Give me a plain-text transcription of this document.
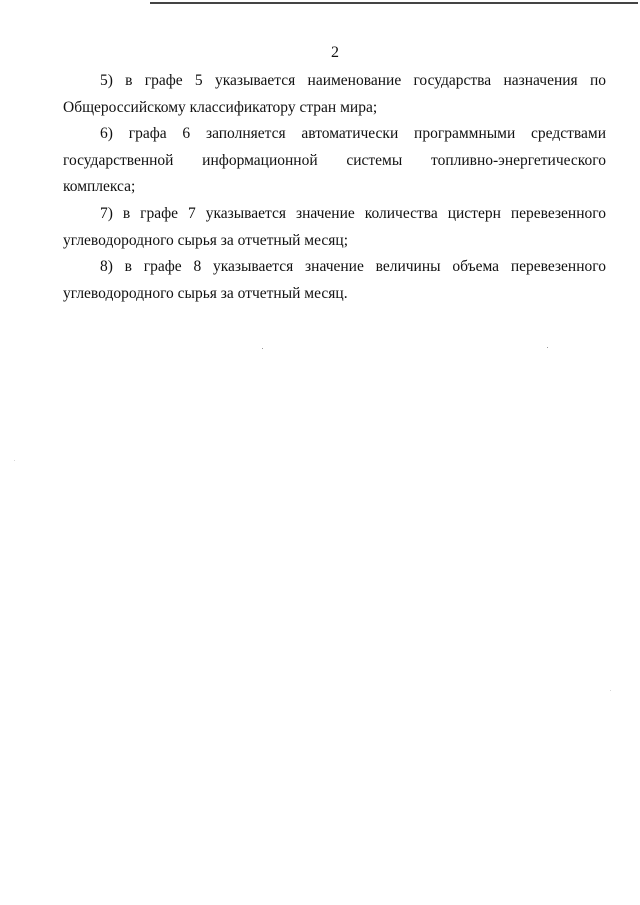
2

5) в графе 5 указывается наименование государства назначения по Общероссийскому классификатору стран мира;

6) графа 6 заполняется автоматически программными средствами государственной информационной системы топливно-энергетического комплекса;

7) в графе 7 указывается значение количества цистерн перевезенного углеводородного сырья за отчетный месяц;

8) в графе 8 указывается значение величины объема перевезенного углеводородного сырья за отчетный месяц.
